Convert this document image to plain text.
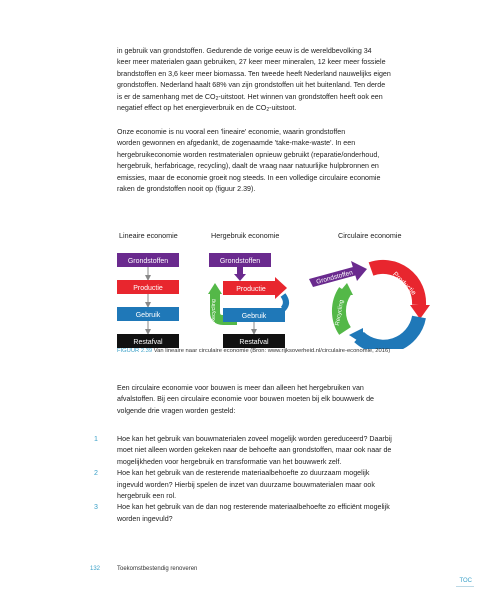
in gebruik van grondstoffen. Gedurende de vorige eeuw is de wereldbevolking 34

keer meer materialen gaan gebruiken, 27 keer meer mineralen, 12 keer meer fossiele

brandstoffen en 3,6 keer meer biomassa. Ten tweede heeft Nederland nauwelijks eigen

grondstoffen. Nederland haalt 68% van zijn grondstoffen uit het buitenland. Ten derde

is er de samenhang met de $CO_2$-uitstoot. Het winnen van grondstoffen heeft ook een

negatief effect op het energieverbruik en de $CO_2$-uitstoot.

Onze economie is nu vooral een 'lineaire' economie, waarin grondstoffen

worden gewonnen en afgedankt, de zogenaamde 'take-make-waste'. In een

hergebruikeconomie worden restmaterialen opnieuw gebruikt (reparatie/onderhoud,

hergebruik, herfabricage, recycling), daalt de vraag naar natuurlijke hulpbronnen en

emissies, maar de economie groeit nog steeds. In een volledige circulaire economie

raken de grondstoffen nooit op (figuur 2.39).

Lineaire economie	Hergebruik economie	Circulaire economie
Grondstoffen
Productie
Gebruik
Restafval
Grondstoffen
Recycling
Productie
Gebruik
Restafval
Grondstoffen	Productie
Recycling
FIGUUR 2.39 Van lineaire naar circulaire economie (Bron: www.rijksoverheid.nl/circulaire-economie, 2016)

Een circulaire economie voor bouwen is meer dan alleen het hergebruiken van

afvalstoffen. Bij een circulaire economie voor bouwen moeten bij elk bouwwerk de

volgende drie vragen worden gesteld:

1	Hoe kan het gebruik van bouwmaterialen zoveel mogelijk worden gereduceerd? Daarbij
moet niet alleen worden gekeken naar de behoefte aan grondstoffen, maar ook naar de
mogelijkheden voor hergebruik en transformatie van het bouwwerk zelf.
2	Hoe kan het gebruik van de resterende materiaalbehoefte zo duurzaam mogelijk
ingevuld worden? Hierbij spelen de inzet van duurzame bouwmaterialen maar ook
hergebruik een rol.
3	Hoe kan het gebruik van de dan nog resterende materiaalbehoefte zo efficiënt mogelijk
worden ingevuld?
132	Toekomstbestendig renoveren
TOC
